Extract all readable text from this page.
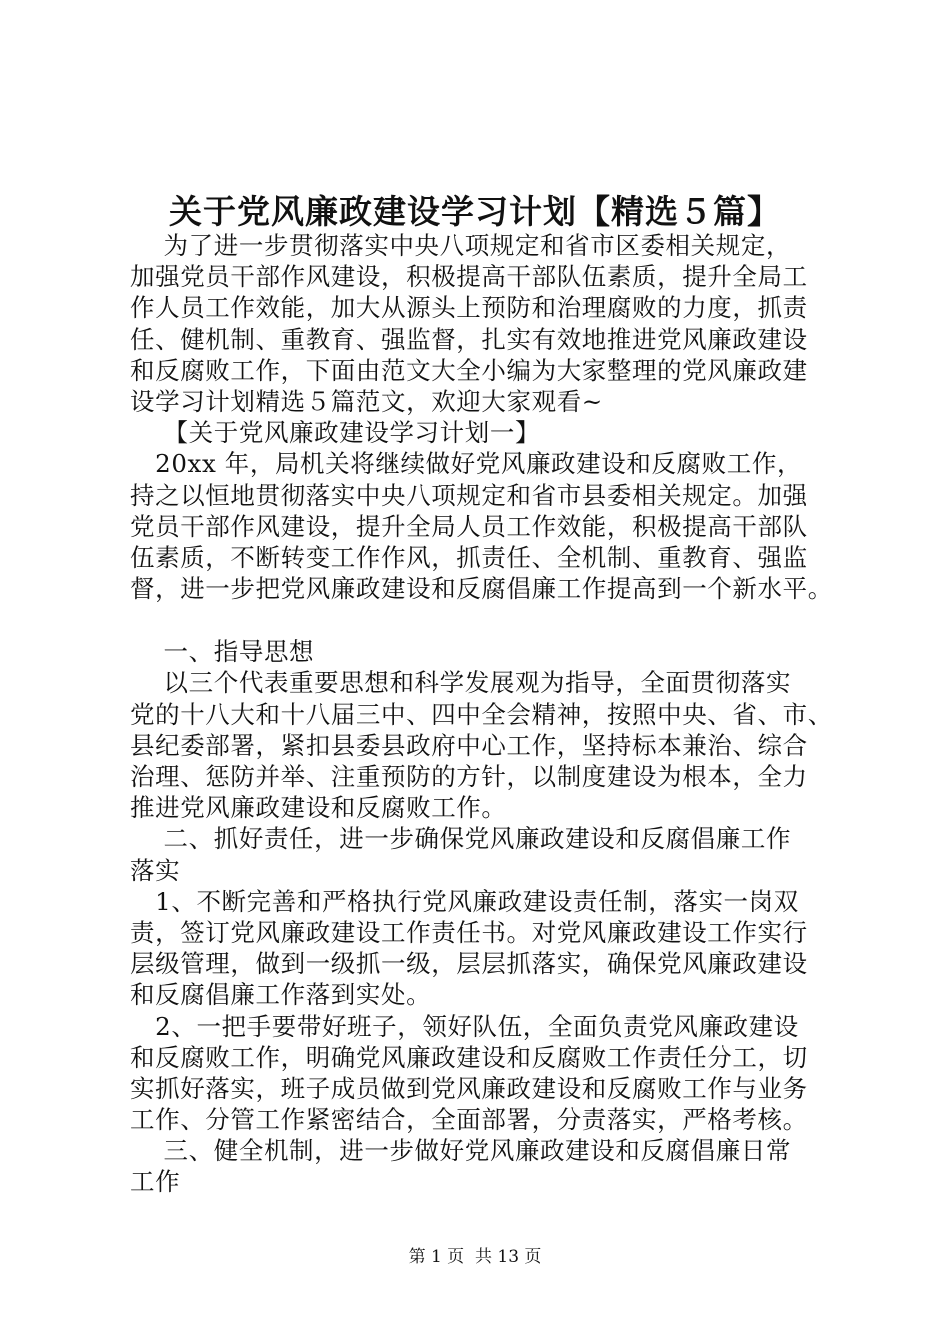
关于党风廉政建设学习计划【精选５篇】
为了进一步贯彻落实中央八项规定和省市区委相关规定，
加强党员干部作风建设，积极提高干部队伍素质，提升全局工
作人员工作效能，加大从源头上预防和治理腐败的力度，抓责
任、健机制、重教育、强监督，扎实有效地推进党风廉政建设
和反腐败工作，下面由范文大全小编为大家整理的党风廉政建
设学习计划精选５篇范文，欢迎大家观看~
【关于党风廉政建设学习计划一】
20xx 年，局机关将继续做好党风廉政建设和反腐败工作，
持之以恒地贯彻落实中央八项规定和省市县委相关规定。加强
党员干部作风建设，提升全局人员工作效能，积极提高干部队
伍素质，不断转变工作作风，抓责任、全机制、重教育、强监
督，进一步把党风廉政建设和反腐倡廉工作提高到一个新水平。
一、指导思想
以三个代表重要思想和科学发展观为指导，全面贯彻落实
党的十八大和十八届三中、四中全会精神，按照中央、省、市、
县纪委部署，紧扣县委县政府中心工作，坚持标本兼治、综合
治理、惩防并举、注重预防的方针，以制度建设为根本，全力
推进党风廉政建设和反腐败工作。
二、抓好责任，进一步确保党风廉政建设和反腐倡廉工作
落实
1、不断完善和严格执行党风廉政建设责任制，落实一岗双
责，签订党风廉政建设工作责任书。对党风廉政建设工作实行
层级管理，做到一级抓一级，层层抓落实，确保党风廉政建设
和反腐倡廉工作落到实处。
2、一把手要带好班子，领好队伍，全面负责党风廉政建设
和反腐败工作，明确党风廉政建设和反腐败工作责任分工，切
实抓好落实，班子成员做到党风廉政建设和反腐败工作与业务
工作、分管工作紧密结合，全面部署，分责落实，严格考核。
三、健全机制，进一步做好党风廉政建设和反腐倡廉日常
工作
第 1 页  共 13 页
